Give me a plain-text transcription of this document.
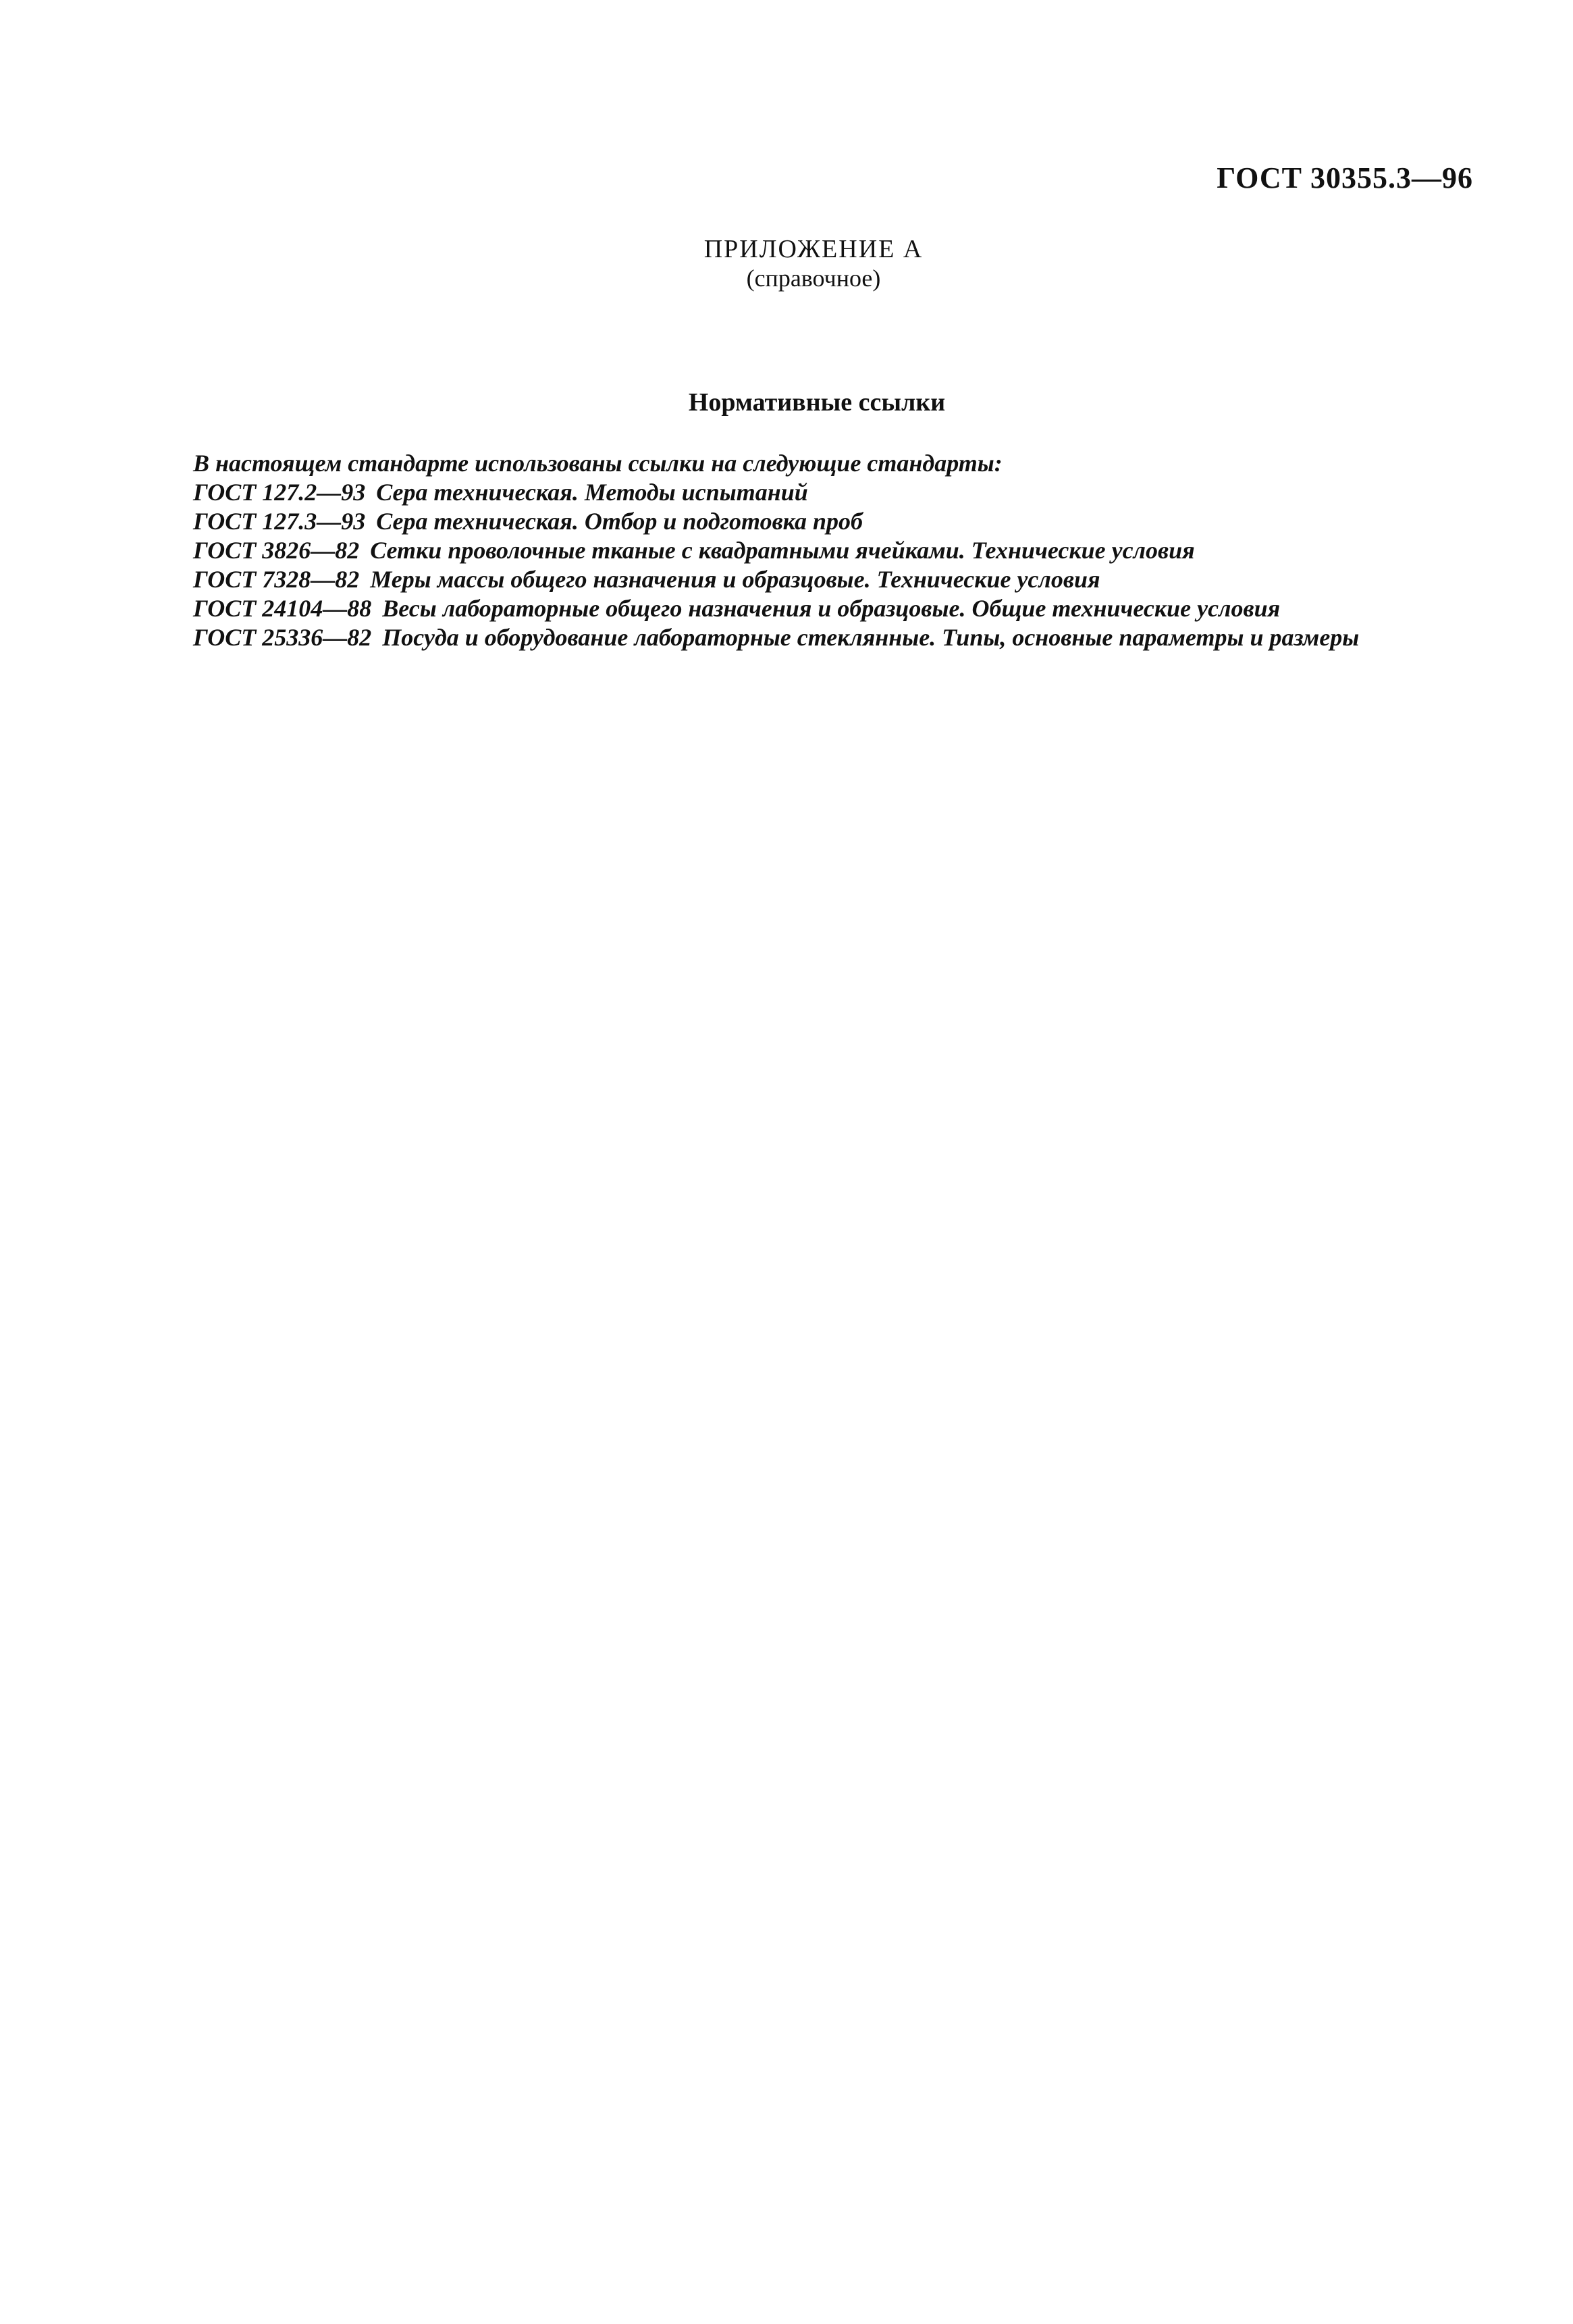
ГОСТ 30355.3—96
ПРИЛОЖЕНИЕ А
(справочное)
Нормативные ссылки
В настоящем стандарте использованы ссылки на следующие стандарты:
ГОСТ 127.2—93 Сера техническая. Методы испытаний
ГОСТ 127.3—93 Сера техническая. Отбор и подготовка проб
ГОСТ 3826—82 Сетки проволочные тканые с квадратными ячейками. Технические условия
ГОСТ 7328—82 Меры массы общего назначения и образцовые. Технические условия
ГОСТ 24104—88 Весы лабораторные общего назначения и образцовые. Общие технические условия
ГОСТ 25336—82 Посуда и оборудование лабораторные стеклянные. Типы, основные параметры и размеры
